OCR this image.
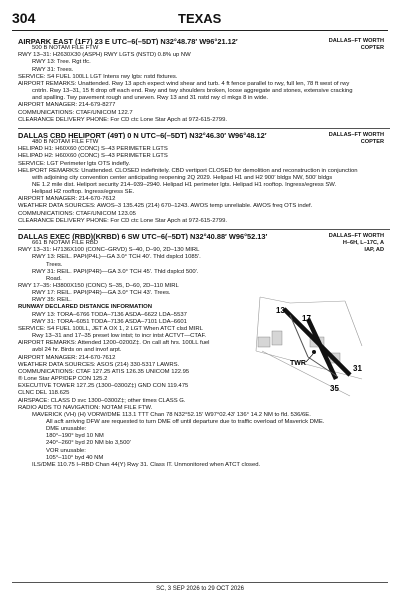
304	TEXAS
AIRPARK EAST (1F7) 23 E UTC–6(–5DT) N32°48.78′ W96°21.12′	DALLAS–FT WORTH
COPTER
500 B NOTAM FILE FTW
RWY 13–31: H2630X30 (ASPH) RWY LGTS (NSTD) 0.8% up NW
RWY 13: Tree. Rgt tfc.
RWY 31: Trees.
SERVICE: S4 FUEL 100LL LGT Intens rwy lgts: nstd fixtures.
AIRPORT REMARKS: Unattended. Rwy 13 apch expect wind shear and turb. 4 ft fence parallel to rwy, full len, 78 ft west of rwy
cntrln. Rwy 13–31, 15 ft drop off each end. Rwy and twy shoulders broken, loose aggregate and stones, extensive cracking
and spalling. Twy pavement rough and uneven. Rwy 13 and 31 nstd rwy cl mkgs 8 in wide.
AIRPORT MANAGER: 214-679-8277
COMMUNICATIONS: CTAF/UNICOM 122.7
CLEARANCE DELIVERY PHONE: For CD ctc Lone Star Apch at 972-615-2799.
DALLAS CBD HELIPORT (49T) 0 N UTC–6(–5DT) N32°46.30′ W96°48.12′	DALLAS–FT WORTH
COPTER
480 B NOTAM FILE FTW
HELIPAD H1: H60X60 (CONC) S–43 PERIMETER LGTS
HELIPAD H2: H60X60 (CONC) S–43 PERIMETER LGTS
SERVICE: LGT Perimeter lgts OTS indefly.
HELIPORT REMARKS: Unattended. CLOSED indefinitely. CBD vertiport CLOSED for demolition and reconstruction in conjunction
with adjoining city convention center anticipating reopening 2Q 2029. Helipad H1 and H2 900′ bldgs NW, 500′ bldgs
NE 1.2 mile dist. Heliport security 214–939–2940. Helipad H1 perimeter lgts. Helipad H1 rooftop. Ingress/egress SW.
Helipad H2 rooftop. Ingress/egress SE.
AIRPORT MANAGER: 214-670-7612
WEATHER DATA SOURCES: AWOS–3 135.425 (214) 670–1243. AWOS temp unreliable. AWOS freq OTS indef.
COMMUNICATIONS: CTAF/UNICOM 123.05
CLEARANCE DELIVERY PHONE: For CD ctc Lone Star Apch at 972-615-2799.
DALLAS EXEC (RBD)(KRBD) 6 SW UTC–6(–5DT) N32°40.88′ W96°52.13′	DALLAS–FT WORTH
H–6H, L–17C, A
IAP, AD
661 B NOTAM FILE RBD
RWY 13–31: H7136X100 (CONC–GRVD) S–40, D–90, 2D–130 MIRL
RWY 13: REIL. PAPI(P4L)—GA 3.0° TCH 40′. Thld dsplcd 1085′.
Trees.
RWY 31: REIL. PAPI(P4R)—GA 3.0° TCH 45′. Thld dsplcd 500′.
Road.
RWY 17–35: H3800X150 (CONC) S–35, D–60, 2D–110 MIRL
RWY 17: REIL. PAPI(P4R)—GA 3.0° TCH 43′. Trees.
RWY 35: REIL.
RUNWAY DECLARED DISTANCE INFORMATION
RWY 13: TORA–6766 TODA–7136 ASDA–6622 LDA–5537
RWY 31: TORA–6051 TODA–7136 ASDA–7101 LDA–6601
SERVICE: S4 FUEL 100LL, JET A OX 1, 2 LGT When ATCT clsd MIRL
Rwy 13–31 and 17–35 preset low intst; to incr intst ACTVT—CTAF.
AIRPORT REMARKS: Attended 1200–0200Z‡. On call aft hrs. 100LL fuel
avbl 24 hr. Birds on and invof arpt.
AIRPORT MANAGER: 214-670-7612
WEATHER DATA SOURCES: ASOS (214) 330-5317 LAWRS.
COMMUNICATIONS: CTAF 127.25 ATIS 126.35 UNICOM 122.95
® Lone Star APP/DEP CON 125.2
EXECUTIVE TOWER 127.25 (1300–0300Z‡) GND CON 119.475
CLNC DEL 118.625
AIRSPACE: CLASS D svc 1300–0300Z‡; other times CLASS G.
RADIO AIDS TO NAVIGATION: NOTAM FILE FTW.
MAVERICK (VH) (H) VORW/DME 113.1 TTT Chan 78 N32°52.15′ W97°02.43′ 136° 14.2 NM to fld. 536/6E.
All acft arriving DFW are requested to turn DME off until departure due to traffic overload of Maverick DME.
DME unusable:
180°–190° byd 10 NM
240°–260° byd 20 NM blo 3,500′
VOR unusable:
105°–110° byd 40 NM
ILS/DME 110.75 I–RBD Chan 44(Y) Rwy 31. Class IT. Unmonitored when ATCT closed.
13
17
31
35
TWR
SC, 3 SEP 2026 to 29 OCT 2026
